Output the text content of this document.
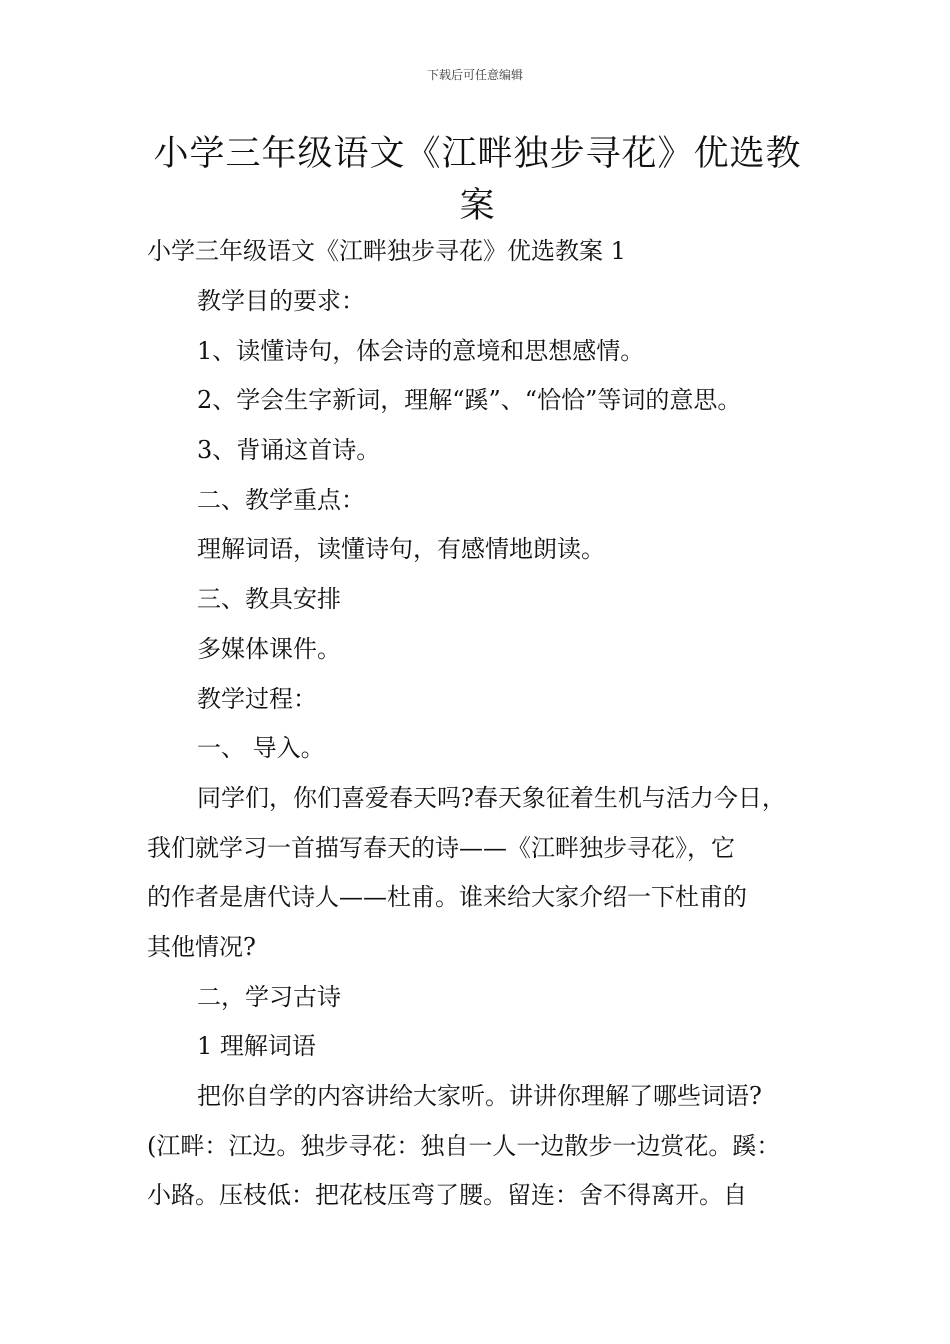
下载后可任意编辑
小学三年级语文《江畔独步寻花》优选教案
小学三年级语文《江畔独步寻花》优选教案 1
教学目的要求：
1、读懂诗句，体会诗的意境和思想感情。
2、学会生字新词，理解“蹊”、“恰恰”等词的意思。
3、背诵这首诗。
二、教学重点：
理解词语，读懂诗句，有感情地朗读。
三、教具安排
多媒体课件。
教学过程：
一、 导入。
同学们，你们喜爱春天吗?春天象征着生机与活力今日，
我们就学习一首描写春天的诗——《江畔独步寻花》，它
的作者是唐代诗人——杜甫。谁来给大家介绍一下杜甫的
其他情况?
二，学习古诗
1 理解词语
把你自学的内容讲给大家听。讲讲你理解了哪些词语?
(江畔：江边。独步寻花：独自一人一边散步一边赏花。蹊：
小路。压枝低：把花枝压弯了腰。留连：舍不得离开。自
